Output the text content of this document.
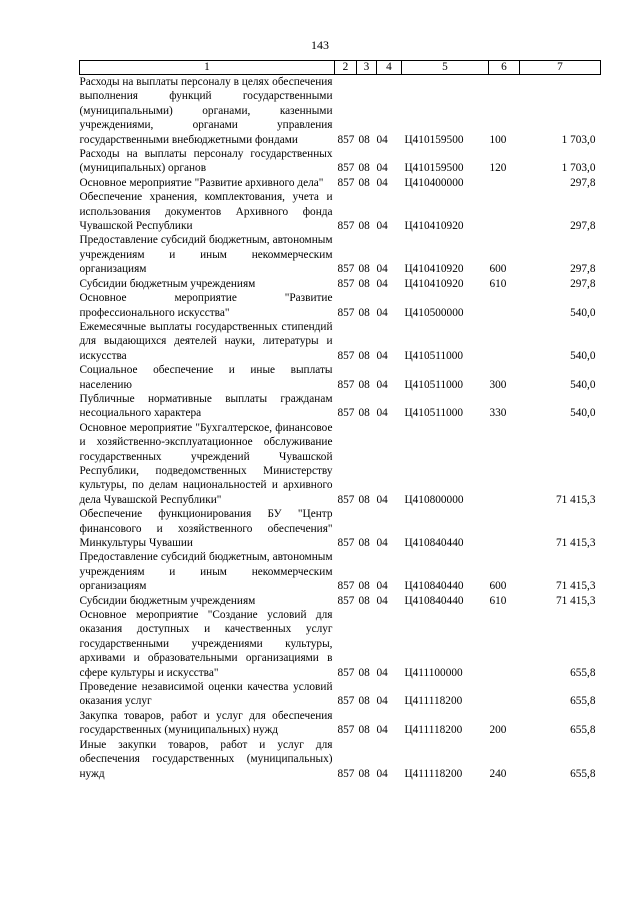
143
1	2	3	4	5	6	7
Расходы на выплаты персоналу в целях обеспечения выполнения функций государственными (муниципальными) органами, казенными учреждениями, органами управления государственными внебюджетными фондами	857	08	04	Ц410159500	100	1 703,0
Расходы на выплаты персоналу государственных (муниципальных) органов	857	08	04	Ц410159500	120	1 703,0
Основное мероприятие "Развитие архивного дела"	857	08	04	Ц410400000		297,8
Обеспечение хранения, комплектования, учета и использования документов Архивного фонда Чувашской Республики	857	08	04	Ц410410920		297,8
Предоставление субсидий бюджетным, автономным учреждениям и иным некоммерческим организациям	857	08	04	Ц410410920	600	297,8
Субсидии бюджетным учреждениям	857	08	04	Ц410410920	610	297,8
Основное мероприятие "Развитие профессионального искусства"	857	08	04	Ц410500000		540,0
Ежемесячные выплаты государственных стипендий для выдающихся деятелей науки, литературы и искусства	857	08	04	Ц410511000		540,0
Социальное обеспечение и иные выплаты населению	857	08	04	Ц410511000	300	540,0
Публичные нормативные выплаты гражданам несоциального характера	857	08	04	Ц410511000	330	540,0
Основное мероприятие "Бухгалтерское, финансовое и хозяйственно-эксплуатационное обслуживание государственных учреждений Чувашской Республики, подведомственных Министерству культуры, по делам национальностей и архивного дела Чувашской Республики"	857	08	04	Ц410800000		71 415,3
Обеспечение функционирования БУ "Центр финансового и хозяйственного обеспечения" Минкультуры Чувашии	857	08	04	Ц410840440		71 415,3
Предоставление субсидий бюджетным, автономным учреждениям и иным некоммерческим организациям	857	08	04	Ц410840440	600	71 415,3
Субсидии бюджетным учреждениям	857	08	04	Ц410840440	610	71 415,3
Основное мероприятие "Создание условий для оказания доступных и качественных услуг государственными учреждениями культуры, архивами и образовательными организациями в сфере культуры и искусства"	857	08	04	Ц411100000		655,8
Проведение независимой оценки качества условий оказания услуг	857	08	04	Ц411118200		655,8
Закупка товаров, работ и услуг для обеспечения государственных (муниципальных) нужд	857	08	04	Ц411118200	200	655,8
Иные закупки товаров, работ и услуг для обеспечения государственных (муниципальных) нужд	857	08	04	Ц411118200	240	655,8
